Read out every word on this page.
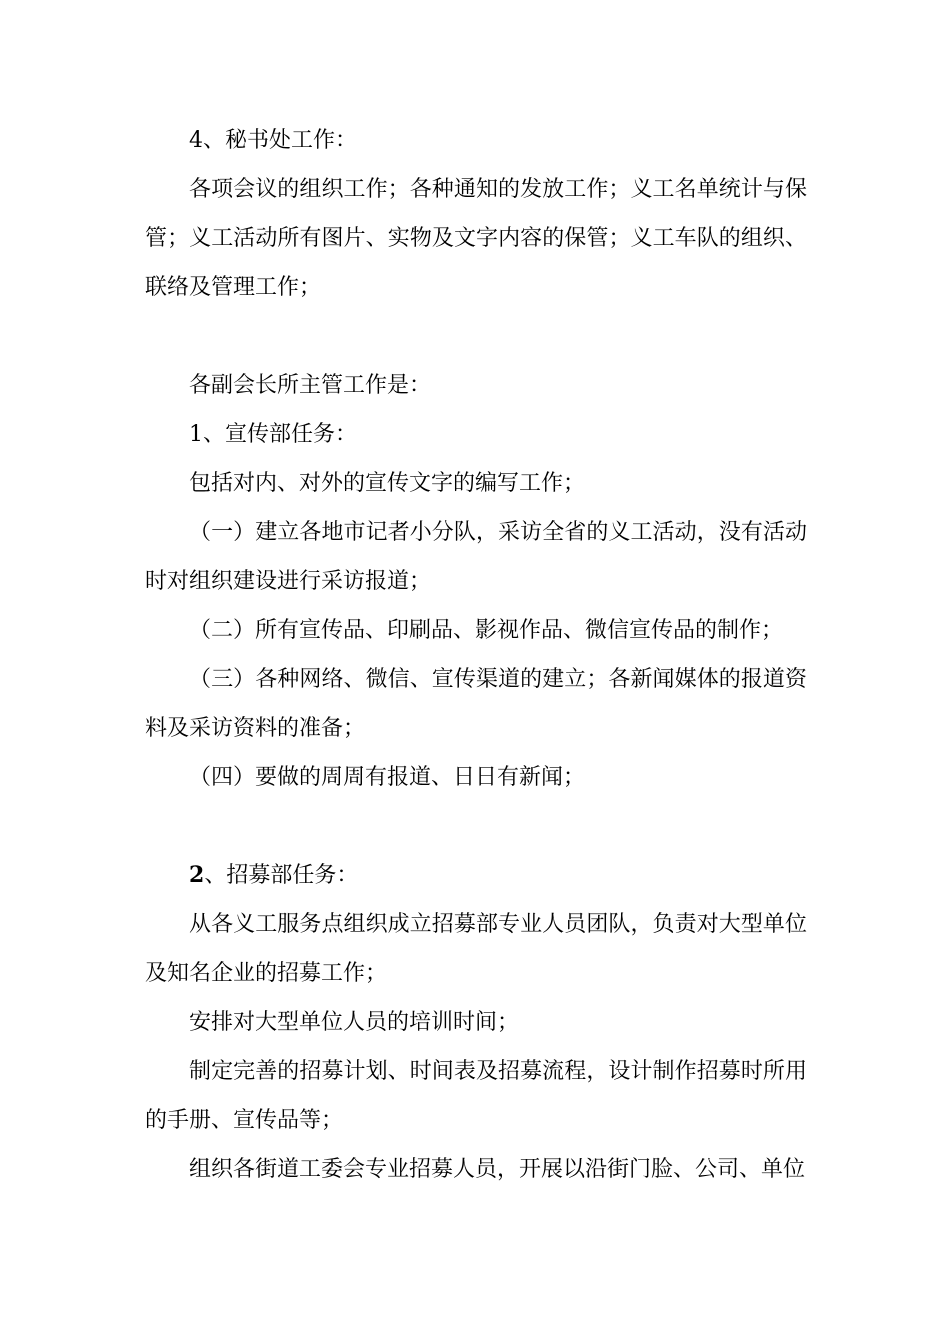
4、秘书处工作：

各项会议的组织工作；各种通知的发放工作；义工名单统计与保管；义工活动所有图片、实物及文字内容的保管；义工车队的组织、联络及管理工作；

各副会长所主管工作是：

1、宣传部任务：

包括对内、对外的宣传文字的编写工作；

（一）建立各地市记者小分队，采访全省的义工活动，没有活动时对组织建设进行采访报道；

（二）所有宣传品、印刷品、影视作品、微信宣传品的制作；

（三）各种网络、微信、宣传渠道的建立；各新闻媒体的报道资料及采访资料的准备；

（四）要做的周周有报道、日日有新闻；

2、招募部任务：

从各义工服务点组织成立招募部专业人员团队，负责对大型单位及知名企业的招募工作；

安排对大型单位人员的培训时间；

制定完善的招募计划、时间表及招募流程，设计制作招募时所用的手册、宣传品等；

组织各街道工委会专业招募人员，开展以沿街门脸、公司、单位
